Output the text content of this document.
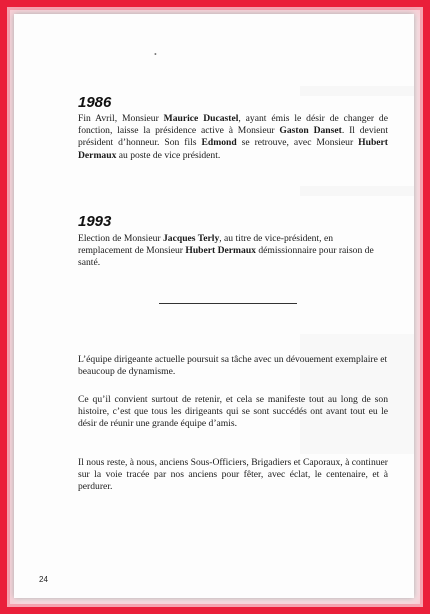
•
1986

Fin Avril, Monsieur Maurice Ducastel, ayant émis le désir de changer de fonction, laisse la présidence active à Monsieur Gaston Danset. Il devient président d’honneur. Son fils Edmond se retrouve, avec Monsieur Hubert Dermaux au poste de vice président.

1993

Election de Monsieur Jacques Terly, au titre de vice-président, en remplacement de Monsieur Hubert Dermaux démissionnaire pour raison de santé.

L’équipe dirigeante actuelle poursuit sa tâche avec un dévouement exemplaire et beaucoup de dynamisme.

Ce qu’il convient surtout de retenir, et cela se manifeste tout au long de son histoire, c’est que tous les dirigeants qui se sont succédés ont avant tout eu le désir de réunir une grande équipe d’amis.

Il nous reste, à nous, anciens Sous-Officiers, Brigadiers et Caporaux, à continuer sur la voie tracée par nos anciens pour fêter, avec éclat, le centenaire, et à perdurer.

24
